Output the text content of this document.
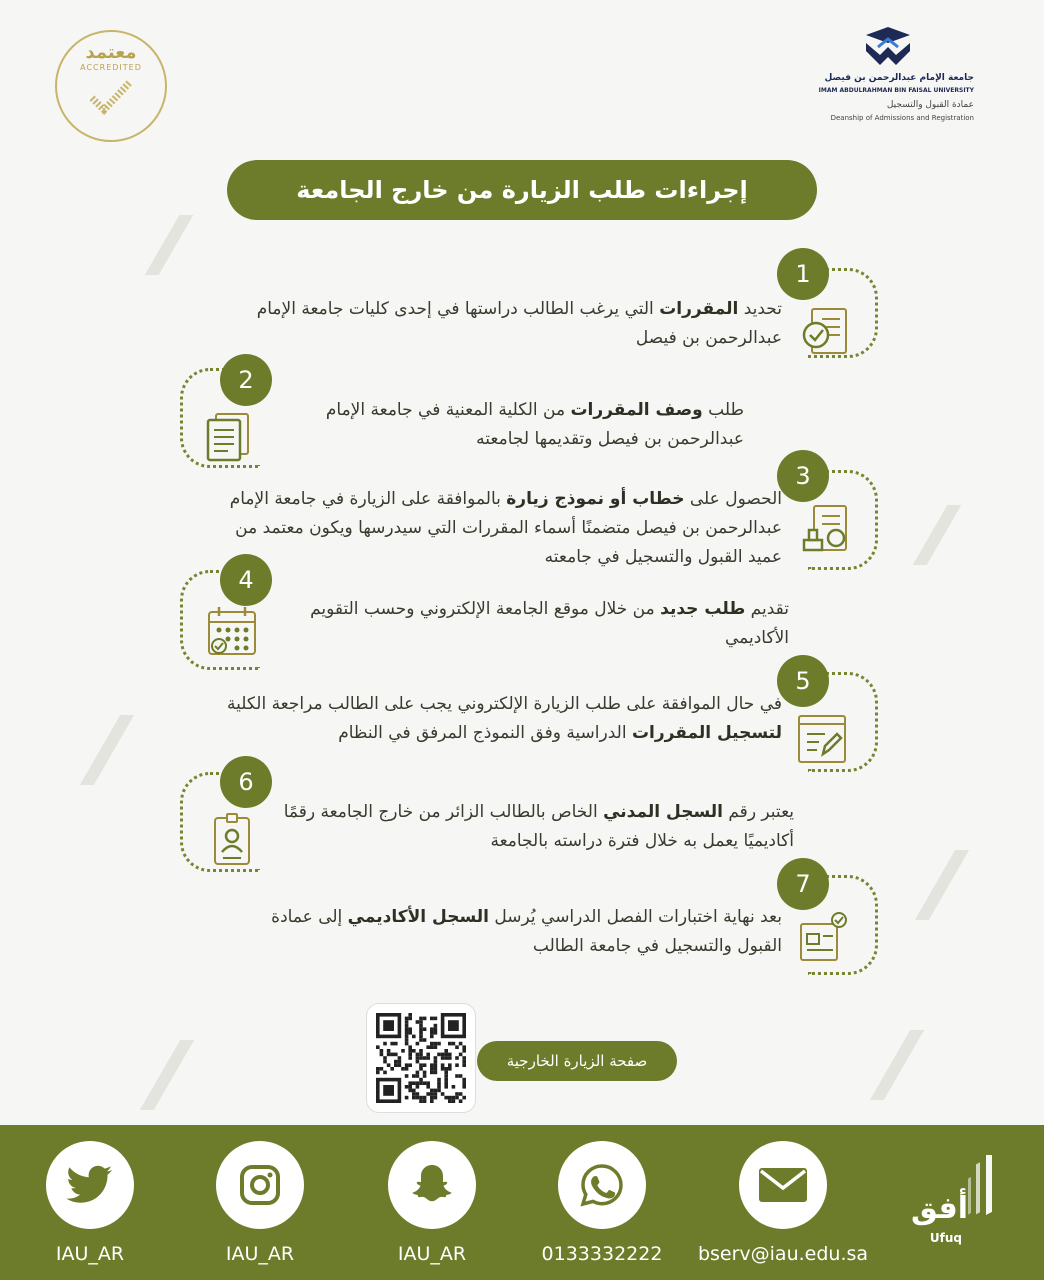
معتمد
ACCREDITED
جامعة الإمام عبدالرحمن بن فيصل
IMAM ABDULRAHMAN BIN FAISAL UNIVERSITY
عمادة القبول والتسجيل
Deanship of Admissions and Registration
إجراءات طلب الزيارة من خارج الجامعة
1
تحديد المقررات التي يرغب الطالب دراستها في إحدى كليات جامعة الإمام عبدالرحمن بن فيصل
2
طلب وصف المقررات من الكلية المعنية في جامعة الإمام عبدالرحمن بن فيصل وتقديمها لجامعته
3
الحصول على خطاب أو نموذج زيارة بالموافقة على الزيارة في جامعة الإمام عبدالرحمن بن فيصل متضمنًا أسماء المقررات التي سيدرسها ويكون معتمد من عميد القبول والتسجيل في جامعته
4
تقديم طلب جديد من خلال موقع الجامعة الإلكتروني وحسب التقويم الأكاديمي
5
في حال الموافقة على طلب الزيارة الإلكتروني يجب على الطالب مراجعة الكلية لتسجيل المقررات الدراسية وفق النموذج المرفق في النظام
6
يعتبر رقم السجل المدني الخاص بالطالب الزائر من خارج الجامعة رقمًا أكاديميًا يعمل به خلال فترة دراسته بالجامعة
7
بعد نهاية اختبارات الفصل الدراسي يُرسل السجل الأكاديمي إلى عمادة القبول والتسجيل في جامعة الطالب
صفحة الزيارة الخارجية
IAU_AR	IAU_AR	IAU_AR	0133332222	bserv@iau.edu.sa
أفق
Ufuq
